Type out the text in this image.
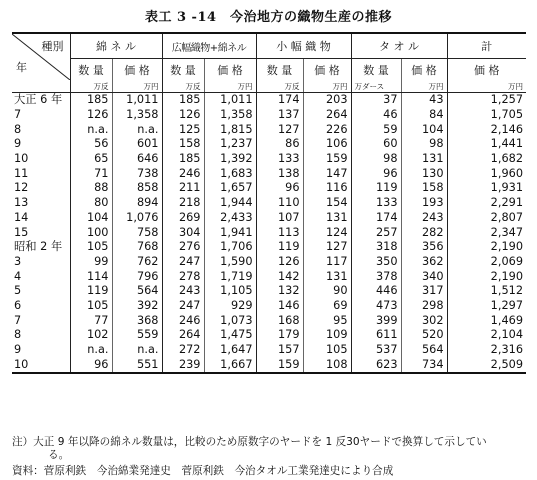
表工 3 -14　今治地方の織物生産の推移
種別
年	綿 ネ ル		広幅織物+綿ネル		小 幅 織 物		タ オ ル		計
	数 量	価 格	数 量	価 格	数 量	価 格	数 量	価 格	価 格
	万反	万円	万反	万円	万反	万円	万ダース	万円	万円
大正 6 年	185	1,011	185	1,011	174	203	37	43	1,257
7	126	1,358	126	1,358	137	264	46	84	1,705
8	n.a.	n.a.	125	1,815	127	226	59	104	2,146
9	56	601	158	1,237	86	106	60	98	1,441
10	65	646	185	1,392	133	159	98	131	1,682
11	71	738	246	1,683	138	147	96	130	1,960
12	88	858	211	1,657	96	116	119	158	1,931
13	80	894	218	1,944	110	154	133	193	2,291
14	104	1,076	269	2,433	107	131	174	243	2,807
15	100	758	304	1,941	113	124	257	282	2,347
昭和 2 年	105	768	276	1,706	119	127	318	356	2,190
3	99	762	247	1,590	126	117	350	362	2,069
4	114	796	278	1,719	142	131	378	340	2,190
5	119	564	243	1,105	132	90	446	317	1,512
6	105	392	247	929	146	69	473	298	1,297
7	77	368	246	1,073	168	95	399	302	1,469
8	102	559	264	1,475	179	109	611	520	2,104
9	n.a.	n.a.	272	1,647	157	105	537	564	2,316
10	96	551	239	1,667	159	108	623	734	2,509
注）大正 9 年以降の綿ネル数量は，比較のため原数字のヤードを 1 反30ヤードで換算して示してい
る。
資料：菅原利鉄　今治綿業発達史　菅原利鉄　今治タオル工業発達史により合成
